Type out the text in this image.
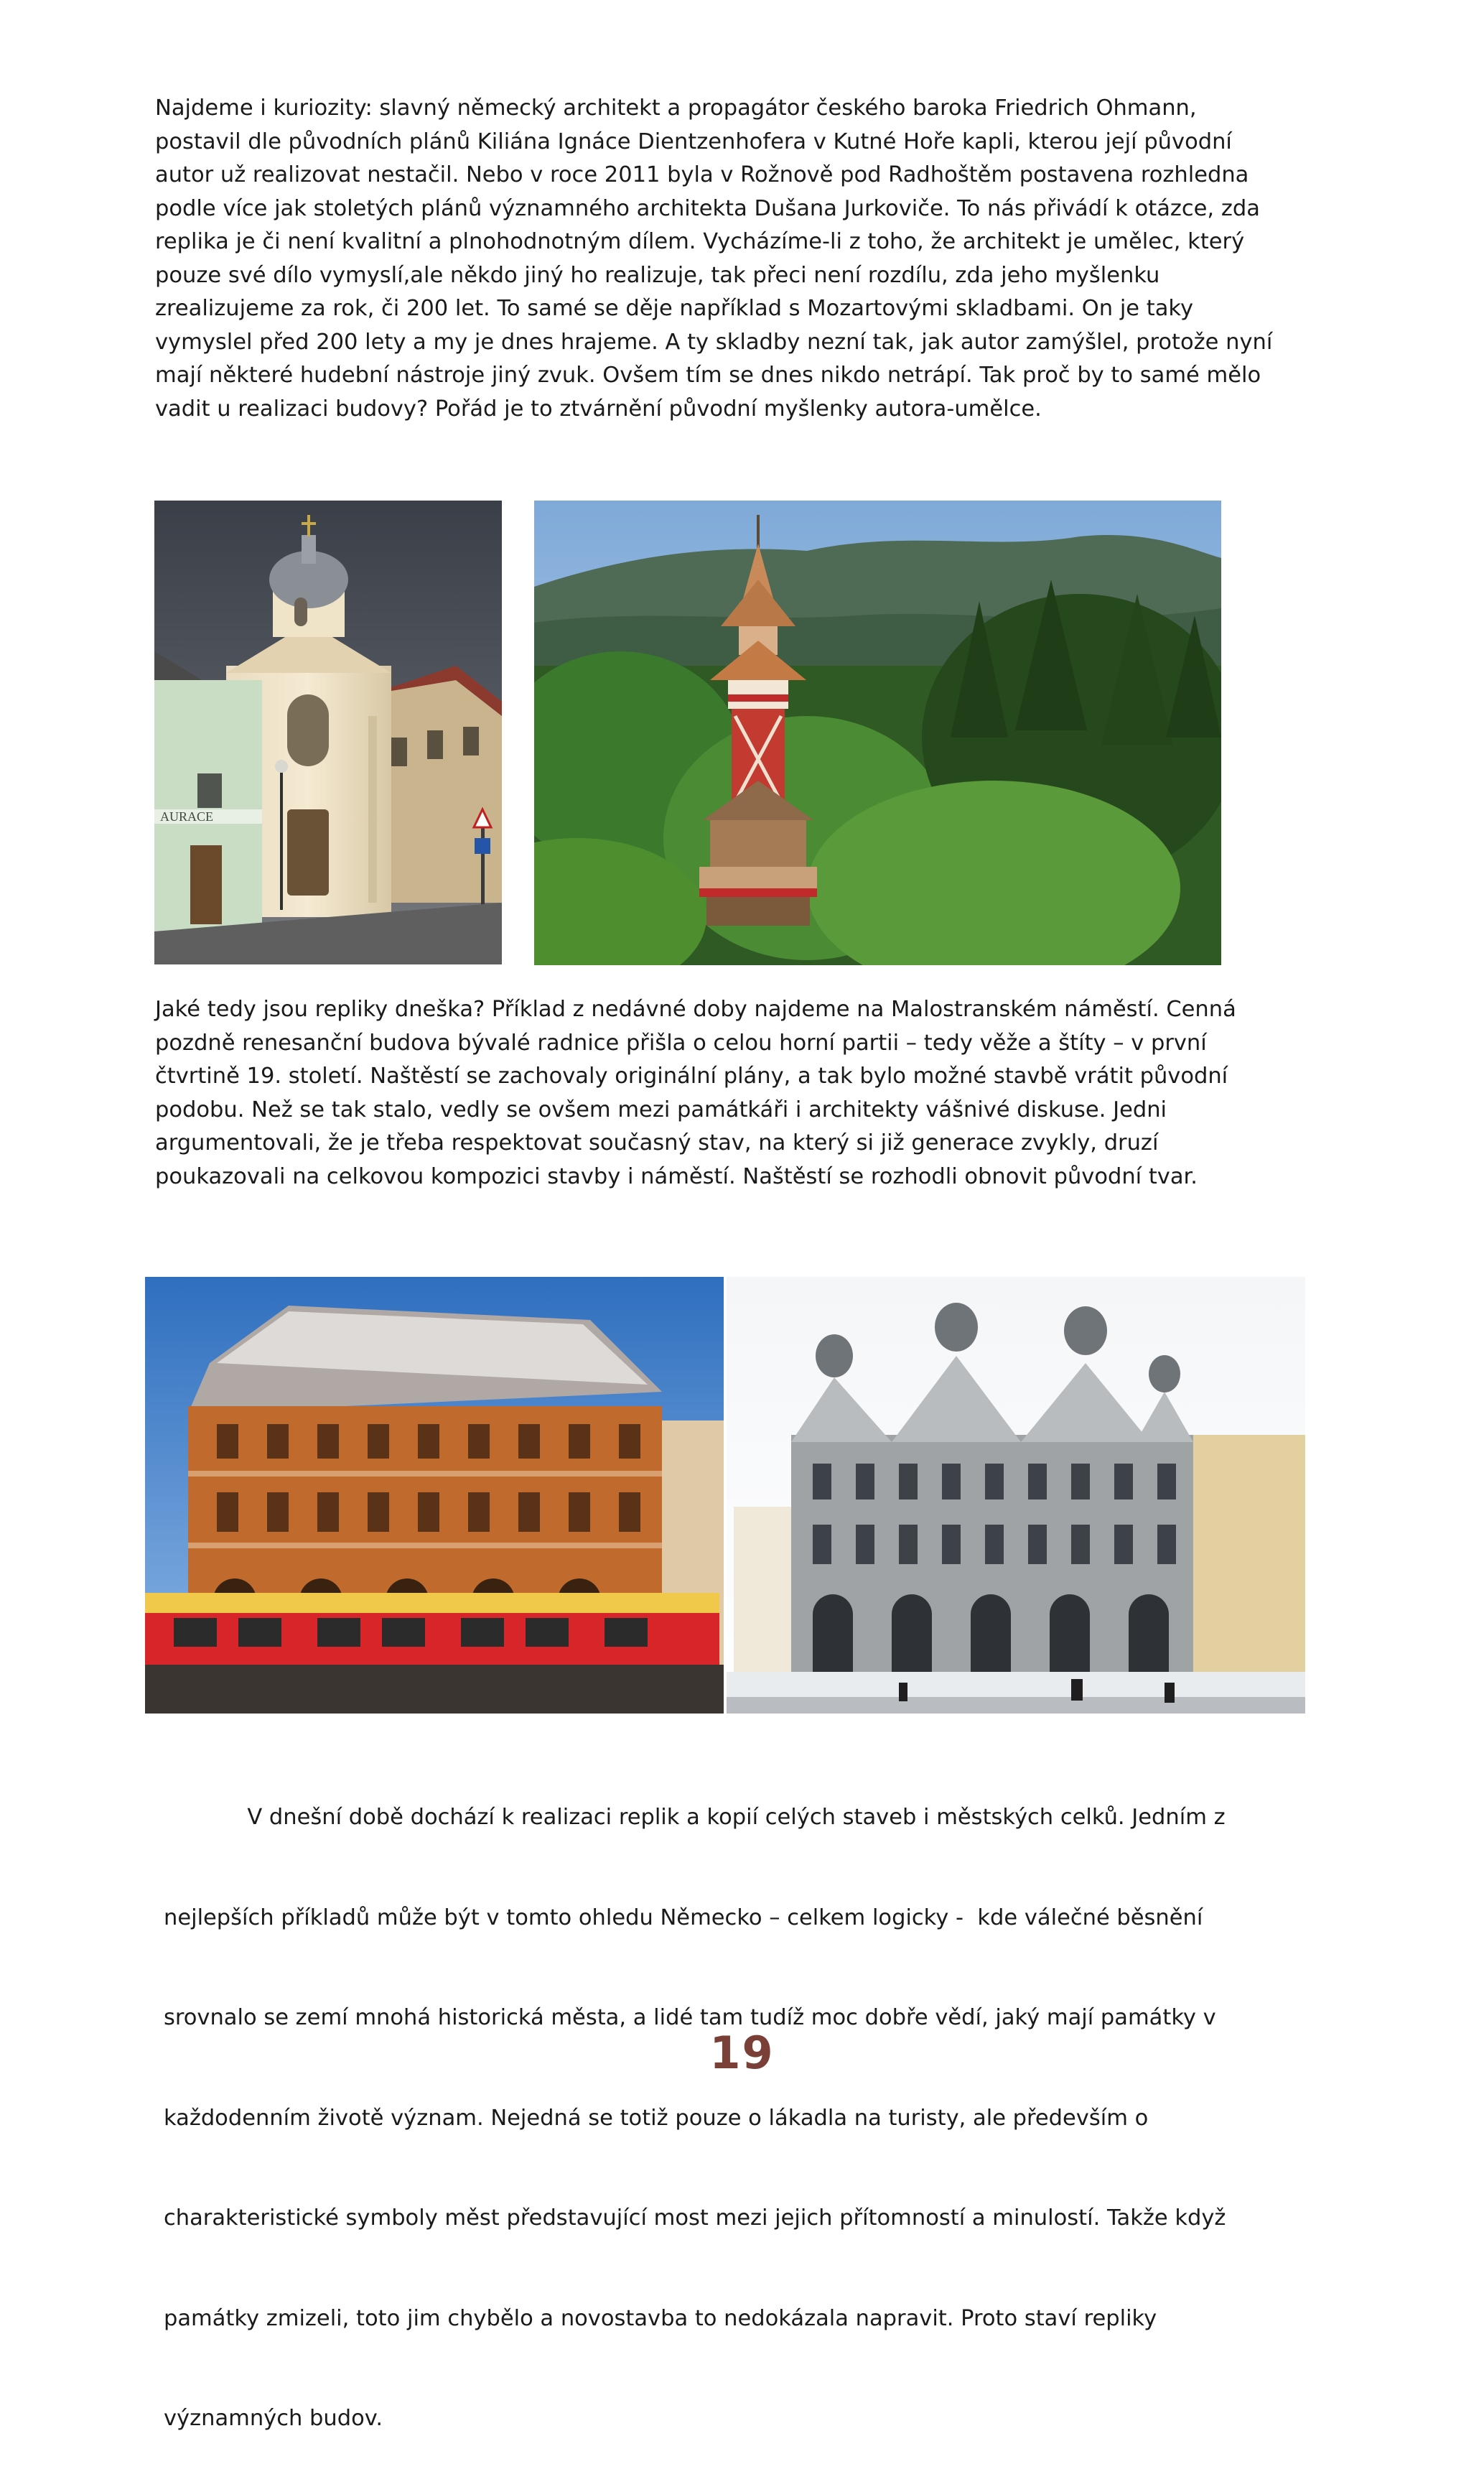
Najdeme i kuriozity: slavný německý architekt a propagátor českého baroka Friedrich Ohmann,
postavil dle původních plánů Kiliána Ignáce Dientzenhofera v Kutné Hoře kapli, kterou její původní
autor už realizovat nestačil. Nebo v roce 2011 byla v Rožnově pod Radhoštěm postavena rozhledna
podle více jak stoletých plánů významného architekta Dušana Jurkoviče. To nás přivádí k otázce, zda
replika je či není kvalitní a plnohodnotným dílem. Vycházíme-li z toho, že architekt je umělec, který
pouze své dílo vymyslí,ale někdo jiný ho realizuje, tak přeci není rozdílu, zda jeho myšlenku
zrealizujeme za rok, či 200 let. To samé se děje například s Mozartovými skladbami. On je taky
vymyslel před 200 lety a my je dnes hrajeme. A ty skladby nezní tak, jak autor zamýšlel, protože nyní
mají některé hudební nástroje jiný zvuk. Ovšem tím se dnes nikdo netrápí. Tak proč by to samé mělo
vadit u realizaci budovy? Pořád je to ztvárnění původní myšlenky autora-umělce.
AURACE
Jaké tedy jsou repliky dneška? Příklad z nedávné doby najdeme na Malostranském náměstí. Cenná
pozdně renesanční budova bývalé radnice přišla o celou horní partii – tedy věže a štíty – v první
čtvrtině 19. století. Naštěstí se zachovaly originální plány, a tak bylo možné stavbě vrátit původní
podobu. Než se tak stalo, vedly se ovšem mezi památkáři i architekty vášnivé diskuse. Jedni
argumentovali, že je třeba respektovat současný stav, na který si již generace zvykly, druzí
poukazovali na celkovou kompozici stavby i náměstí. Naštěstí se rozhodli obnovit původní tvar.

V dnešní době dochází k realizaci replik a kopií celých staveb i městských celků. Jedním z

nejlepších příkladů může být v tomto ohledu Německo – celkem logicky -  kde válečné běsnění

srovnalo se zemí mnohá historická města, a lidé tam tudíž moc dobře vědí, jaký mají památky v

každodenním životě význam. Nejedná se totiž pouze o lákadla na turisty, ale především o

charakteristické symboly měst představující most mezi jejich přítomností a minulostí. Takže když

památky zmizeli, toto jim chybělo a novostavba to nedokázala napravit. Proto staví repliky

významných budov.

19
